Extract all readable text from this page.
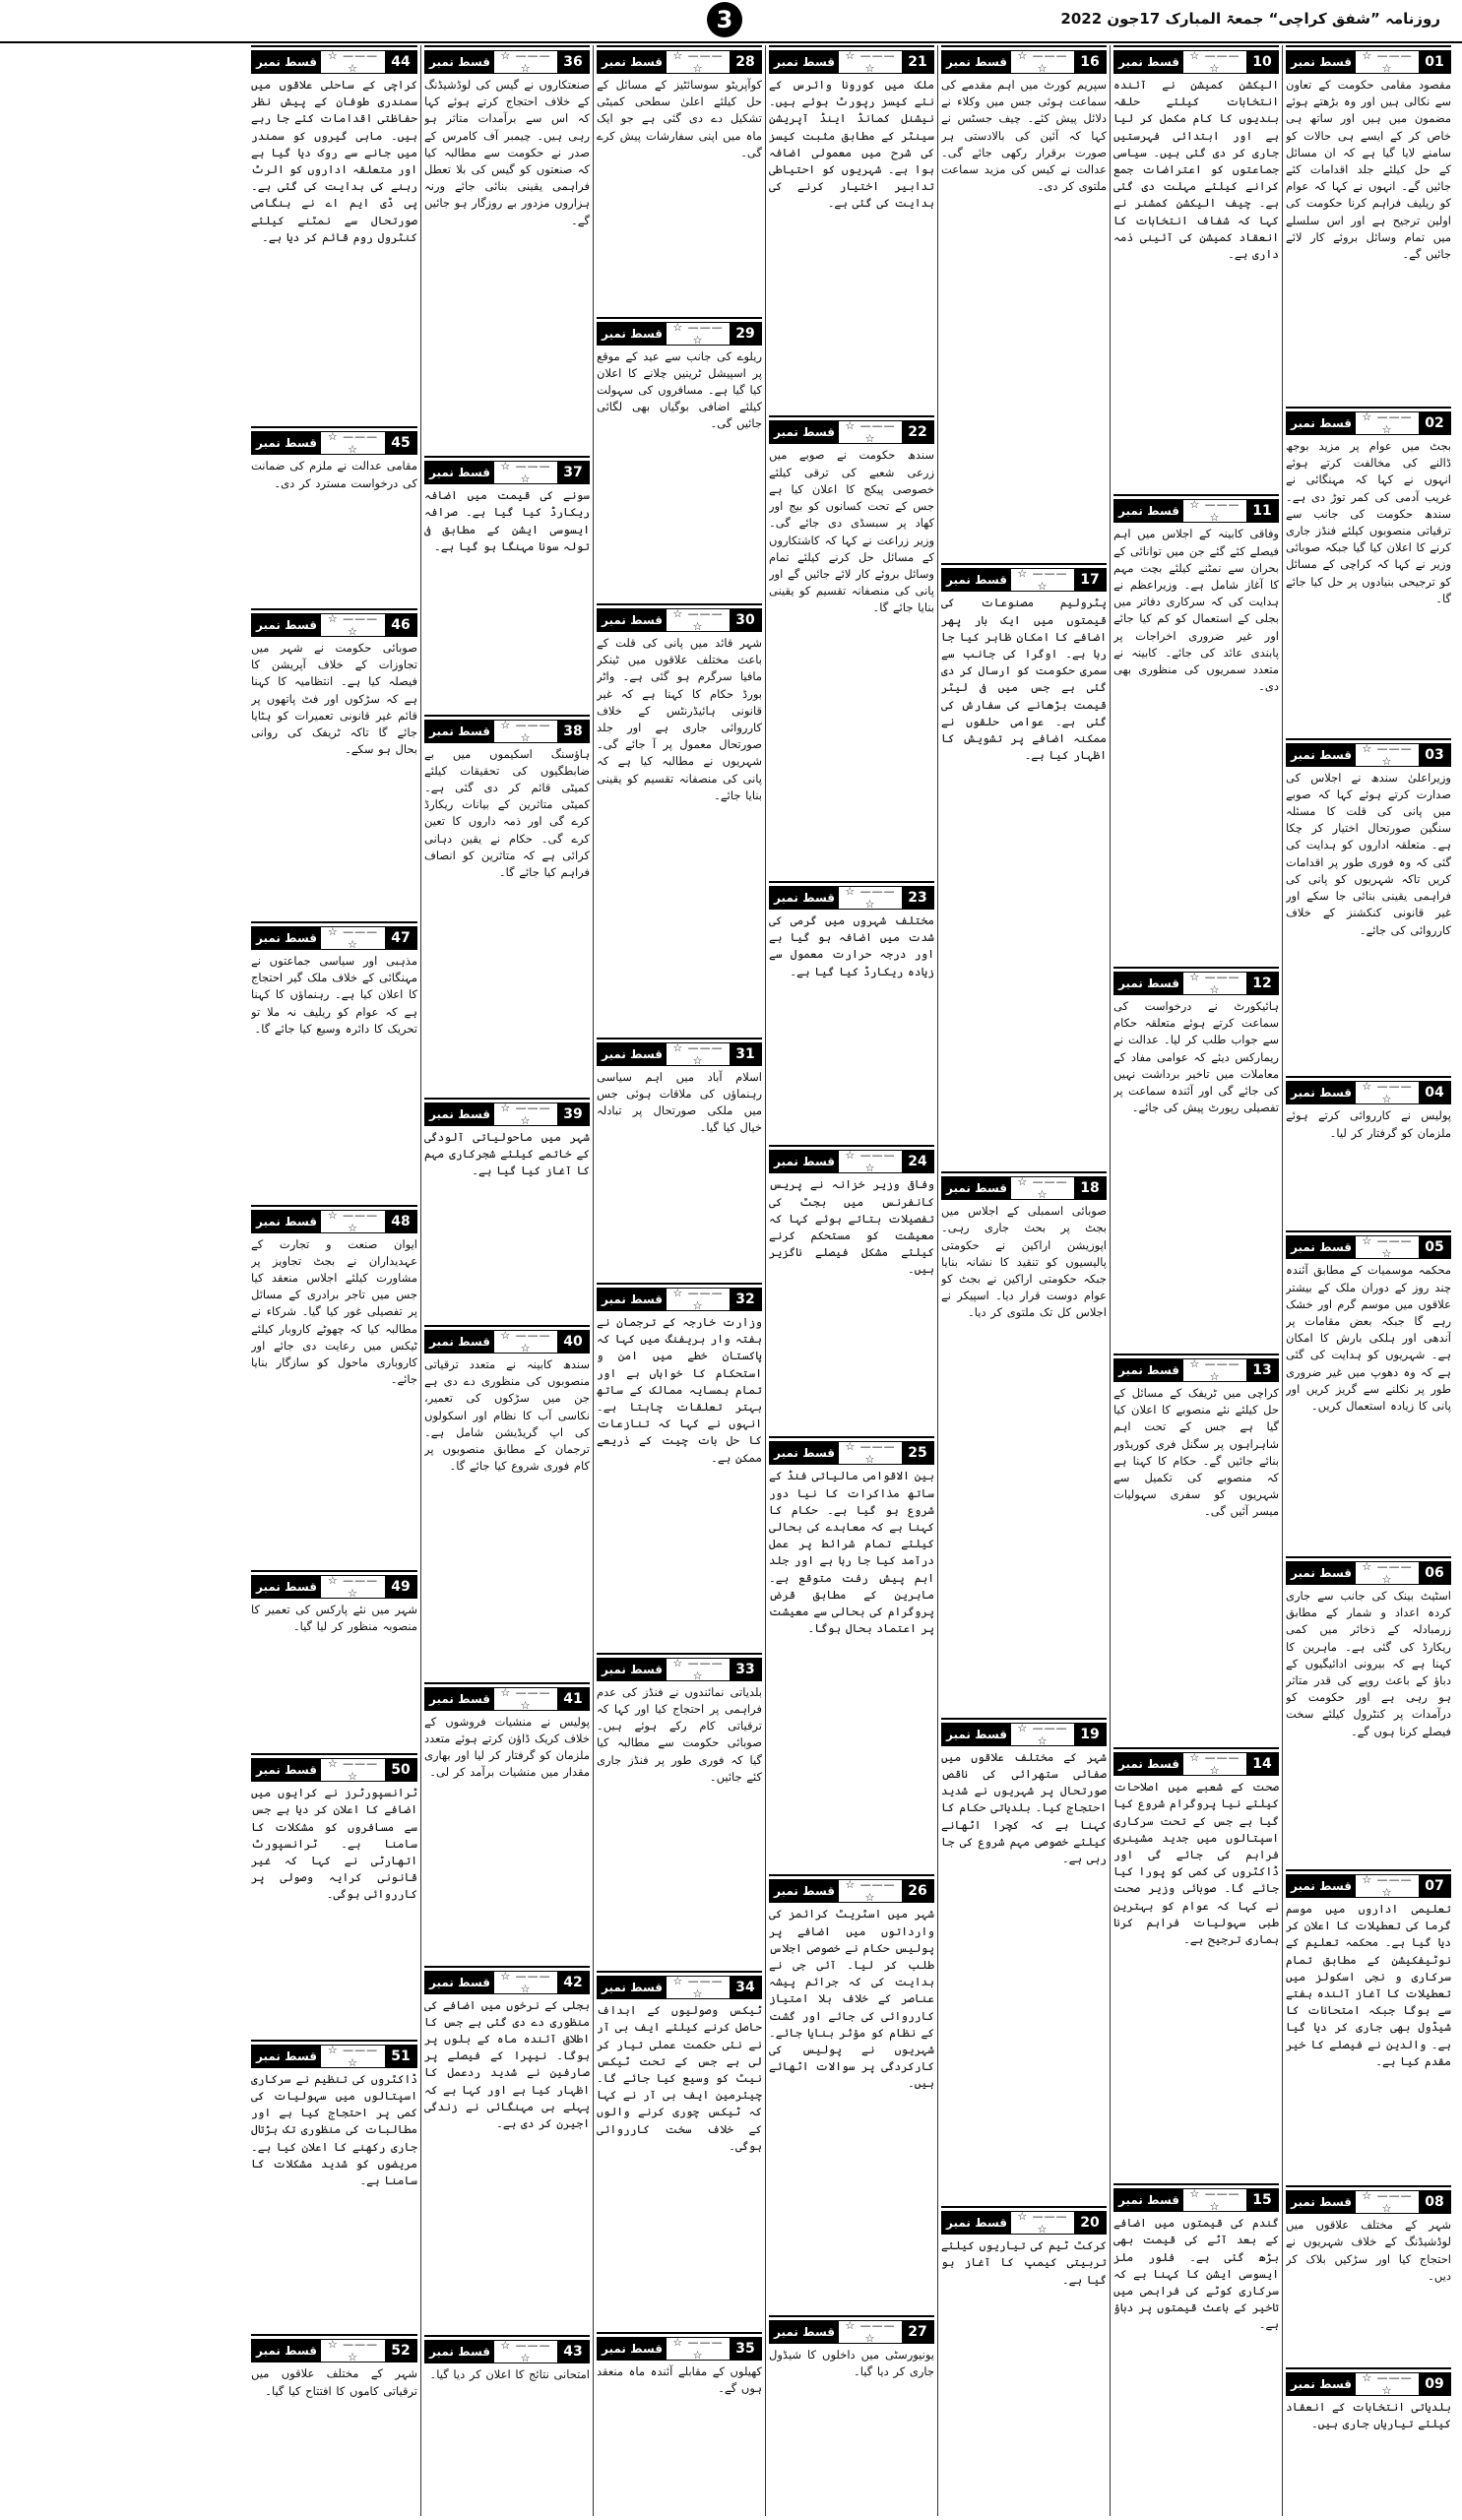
3	روزنامہ ”شفق کراچی“ جمعۃ المبارک 17جون 2022
01
☆ ——— ☆
قسط نمبر
مقصود مقامی حکومت کے تعاون سے نکالی ہیں اور وہ بڑھتے ہوئے مضمون میں ہیں اور ساتھ ہی خاص کر کے ایسے ہی حالات کو سامنے لایا گیا ہے کہ ان مسائل کے حل کیلئے جلد اقدامات کئے جائیں گے۔ انہوں نے کہا کہ عوام کو ریلیف فراہم کرنا حکومت کی اولین ترجیح ہے اور اس سلسلے میں تمام وسائل بروئے کار لائے جائیں گے۔
02
☆ ——— ☆
قسط نمبر
بجٹ میں عوام پر مزید بوجھ ڈالنے کی مخالفت کرتے ہوئے انہوں نے کہا کہ مہنگائی نے غریب آدمی کی کمر توڑ دی ہے۔ سندھ حکومت کی جانب سے ترقیاتی منصوبوں کیلئے فنڈز جاری کرنے کا اعلان کیا گیا جبکہ صوبائی وزیر نے کہا کہ کراچی کے مسائل کو ترجیحی بنیادوں پر حل کیا جائے گا۔
03
☆ ——— ☆
قسط نمبر
وزیراعلیٰ سندھ نے اجلاس کی صدارت کرتے ہوئے کہا کہ صوبے میں پانی کی قلت کا مسئلہ سنگین صورتحال اختیار کر چکا ہے۔ متعلقہ اداروں کو ہدایت کی گئی کہ وہ فوری طور پر اقدامات کریں تاکہ شہریوں کو پانی کی فراہمی یقینی بنائی جا سکے اور غیر قانونی کنکشنز کے خلاف کارروائی کی جائے۔
04
☆ ——— ☆
قسط نمبر
پولیس نے کارروائی کرتے ہوئے ملزمان کو گرفتار کر لیا۔
05
☆ ——— ☆
قسط نمبر
محکمہ موسمیات کے مطابق آئندہ چند روز کے دوران ملک کے بیشتر علاقوں میں موسم گرم اور خشک رہے گا جبکہ بعض مقامات پر آندھی اور ہلکی بارش کا امکان ہے۔ شہریوں کو ہدایت کی گئی ہے کہ وہ دھوپ میں غیر ضروری طور پر نکلنے سے گریز کریں اور پانی کا زیادہ استعمال کریں۔
06
☆ ——— ☆
قسط نمبر
اسٹیٹ بینک کی جانب سے جاری کردہ اعداد و شمار کے مطابق زرمبادلہ کے ذخائر میں کمی ریکارڈ کی گئی ہے۔ ماہرین کا کہنا ہے کہ بیرونی ادائیگیوں کے دباؤ کے باعث روپے کی قدر متاثر ہو رہی ہے اور حکومت کو درآمدات پر کنٹرول کیلئے سخت فیصلے کرنا ہوں گے۔
07
☆ ——— ☆
قسط نمبر
تعلیمی اداروں میں موسم گرما کی تعطیلات کا اعلان کر دیا گیا ہے۔ محکمہ تعلیم کے نوٹیفکیشن کے مطابق تمام سرکاری و نجی اسکولز میں تعطیلات کا آغاز آئندہ ہفتے سے ہوگا جبکہ امتحانات کا شیڈول بھی جاری کر دیا گیا ہے۔ والدین نے فیصلے کا خیر مقدم کیا ہے۔
08
☆ ——— ☆
قسط نمبر
شہر کے مختلف علاقوں میں لوڈشیڈنگ کے خلاف شہریوں نے احتجاج کیا اور سڑکیں بلاک کر دیں۔
09
☆ ——— ☆
قسط نمبر
بلدیاتی انتخابات کے انعقاد کیلئے تیاریاں جاری ہیں۔
10
☆ ——— ☆
قسط نمبر
الیکشن کمیشن نے آئندہ انتخابات کیلئے حلقہ بندیوں کا کام مکمل کر لیا ہے اور ابتدائی فہرستیں جاری کر دی گئی ہیں۔ سیاسی جماعتوں کو اعتراضات جمع کرانے کیلئے مہلت دی گئی ہے۔ چیف الیکشن کمشنر نے کہا کہ شفاف انتخابات کا انعقاد کمیشن کی آئینی ذمہ داری ہے۔
11
☆ ——— ☆
قسط نمبر
وفاقی کابینہ کے اجلاس میں اہم فیصلے کئے گئے جن میں توانائی کے بحران سے نمٹنے کیلئے بچت مہم کا آغاز شامل ہے۔ وزیراعظم نے ہدایت کی کہ سرکاری دفاتر میں بجلی کے استعمال کو کم کیا جائے اور غیر ضروری اخراجات پر پابندی عائد کی جائے۔ کابینہ نے متعدد سمریوں کی منظوری بھی دی۔
12
☆ ——— ☆
قسط نمبر
ہائیکورٹ نے درخواست کی سماعت کرتے ہوئے متعلقہ حکام سے جواب طلب کر لیا۔ عدالت نے ریمارکس دیئے کہ عوامی مفاد کے معاملات میں تاخیر برداشت نہیں کی جائے گی اور آئندہ سماعت پر تفصیلی رپورٹ پیش کی جائے۔
13
☆ ——— ☆
قسط نمبر
کراچی میں ٹریفک کے مسائل کے حل کیلئے نئے منصوبے کا اعلان کیا گیا ہے جس کے تحت اہم شاہراہوں پر سگنل فری کوریڈور بنائے جائیں گے۔ حکام کا کہنا ہے کہ منصوبے کی تکمیل سے شہریوں کو سفری سہولیات میسر آئیں گی۔
14
☆ ——— ☆
قسط نمبر
صحت کے شعبے میں اصلاحات کیلئے نیا پروگرام شروع کیا گیا ہے جس کے تحت سرکاری اسپتالوں میں جدید مشینری فراہم کی جائے گی اور ڈاکٹروں کی کمی کو پورا کیا جائے گا۔ صوبائی وزیر صحت نے کہا کہ عوام کو بہترین طبی سہولیات فراہم کرنا ہماری ترجیح ہے۔
15
☆ ——— ☆
قسط نمبر
گندم کی قیمتوں میں اضافے کے بعد آٹے کی قیمت بھی بڑھ گئی ہے۔ فلور ملز ایسوسی ایشن کا کہنا ہے کہ سرکاری کوٹے کی فراہمی میں تاخیر کے باعث قیمتوں پر دباؤ ہے۔
16
☆ ——— ☆
قسط نمبر
سپریم کورٹ میں اہم مقدمے کی سماعت ہوئی جس میں وکلاء نے دلائل پیش کئے۔ چیف جسٹس نے کہا کہ آئین کی بالادستی ہر صورت برقرار رکھی جائے گی۔ عدالت نے کیس کی مزید سماعت ملتوی کر دی۔
17
☆ ——— ☆
قسط نمبر
پٹرولیم مصنوعات کی قیمتوں میں ایک بار پھر اضافے کا امکان ظاہر کیا جا رہا ہے۔ اوگرا کی جانب سے سمری حکومت کو ارسال کر دی گئی ہے جس میں فی لیٹر قیمت بڑھانے کی سفارش کی گئی ہے۔ عوامی حلقوں نے ممکنہ اضافے پر تشویش کا اظہار کیا ہے۔
18
☆ ——— ☆
قسط نمبر
صوبائی اسمبلی کے اجلاس میں بجٹ پر بحث جاری رہی۔ اپوزیشن اراکین نے حکومتی پالیسیوں کو تنقید کا نشانہ بنایا جبکہ حکومتی اراکین نے بجٹ کو عوام دوست قرار دیا۔ اسپیکر نے اجلاس کل تک ملتوی کر دیا۔
19
☆ ——— ☆
قسط نمبر
شہر کے مختلف علاقوں میں صفائی ستھرائی کی ناقص صورتحال پر شہریوں نے شدید احتجاج کیا۔ بلدیاتی حکام کا کہنا ہے کہ کچرا اٹھانے کیلئے خصوصی مہم شروع کی جا رہی ہے۔
20
☆ ——— ☆
قسط نمبر
کرکٹ ٹیم کی تیاریوں کیلئے تربیتی کیمپ کا آغاز ہو گیا ہے۔
21
☆ ——— ☆
قسط نمبر
ملک میں کورونا وائرس کے نئے کیسز رپورٹ ہوئے ہیں۔ نیشنل کمانڈ اینڈ آپریشن سینٹر کے مطابق مثبت کیسز کی شرح میں معمولی اضافہ ہوا ہے۔ شہریوں کو احتیاطی تدابیر اختیار کرنے کی ہدایت کی گئی ہے۔
22
☆ ——— ☆
قسط نمبر
سندھ حکومت نے صوبے میں زرعی شعبے کی ترقی کیلئے خصوصی پیکج کا اعلان کیا ہے جس کے تحت کسانوں کو بیج اور کھاد پر سبسڈی دی جائے گی۔ وزیر زراعت نے کہا کہ کاشتکاروں کے مسائل حل کرنے کیلئے تمام وسائل بروئے کار لائے جائیں گے اور پانی کی منصفانہ تقسیم کو یقینی بنایا جائے گا۔
23
☆ ——— ☆
قسط نمبر
مختلف شہروں میں گرمی کی شدت میں اضافہ ہو گیا ہے اور درجہ حرارت معمول سے زیادہ ریکارڈ کیا گیا ہے۔
24
☆ ——— ☆
قسط نمبر
وفاقی وزیر خزانہ نے پریس کانفرنس میں بجٹ کی تفصیلات بتاتے ہوئے کہا کہ معیشت کو مستحکم کرنے کیلئے مشکل فیصلے ناگزیر ہیں۔
25
☆ ——— ☆
قسط نمبر
بین الاقوامی مالیاتی فنڈ کے ساتھ مذاکرات کا نیا دور شروع ہو گیا ہے۔ حکام کا کہنا ہے کہ معاہدے کی بحالی کیلئے تمام شرائط پر عمل درآمد کیا جا رہا ہے اور جلد اہم پیش رفت متوقع ہے۔ ماہرین کے مطابق قرض پروگرام کی بحالی سے معیشت پر اعتماد بحال ہوگا۔
26
☆ ——— ☆
قسط نمبر
شہر میں اسٹریٹ کرائمز کی وارداتوں میں اضافے پر پولیس حکام نے خصوصی اجلاس طلب کر لیا۔ آئی جی نے ہدایت کی کہ جرائم پیشہ عناصر کے خلاف بلا امتیاز کارروائی کی جائے اور گشت کے نظام کو مؤثر بنایا جائے۔ شہریوں نے پولیس کی کارکردگی پر سوالات اٹھائے ہیں۔
27
☆ ——— ☆
قسط نمبر
یونیورسٹی میں داخلوں کا شیڈول جاری کر دیا گیا۔
28
☆ ——— ☆
قسط نمبر
کوآپریٹو سوسائٹیز کے مسائل کے حل کیلئے اعلیٰ سطحی کمیٹی تشکیل دے دی گئی ہے جو ایک ماہ میں اپنی سفارشات پیش کرے گی۔
29
☆ ——— ☆
قسط نمبر
ریلوے کی جانب سے عید کے موقع پر اسپیشل ٹرینیں چلانے کا اعلان کیا گیا ہے۔ مسافروں کی سہولت کیلئے اضافی بوگیاں بھی لگائی جائیں گی۔
30
☆ ——— ☆
قسط نمبر
شہر قائد میں پانی کی قلت کے باعث مختلف علاقوں میں ٹینکر مافیا سرگرم ہو گئی ہے۔ واٹر بورڈ حکام کا کہنا ہے کہ غیر قانونی ہائیڈرنٹس کے خلاف کارروائی جاری ہے اور جلد صورتحال معمول پر آ جائے گی۔ شہریوں نے مطالبہ کیا ہے کہ پانی کی منصفانہ تقسیم کو یقینی بنایا جائے۔
31
☆ ——— ☆
قسط نمبر
اسلام آباد میں اہم سیاسی رہنماؤں کی ملاقات ہوئی جس میں ملکی صورتحال پر تبادلہ خیال کیا گیا۔
32
☆ ——— ☆
قسط نمبر
وزارت خارجہ کے ترجمان نے ہفتہ وار بریفنگ میں کہا کہ پاکستان خطے میں امن و استحکام کا خواہاں ہے اور تمام ہمسایہ ممالک کے ساتھ بہتر تعلقات چاہتا ہے۔ انہوں نے کہا کہ تنازعات کا حل بات چیت کے ذریعے ممکن ہے۔
33
☆ ——— ☆
قسط نمبر
بلدیاتی نمائندوں نے فنڈز کی عدم فراہمی پر احتجاج کیا اور کہا کہ ترقیاتی کام رکے ہوئے ہیں۔ صوبائی حکومت سے مطالبہ کیا گیا کہ فوری طور پر فنڈز جاری کئے جائیں۔
34
☆ ——— ☆
قسط نمبر
ٹیکس وصولیوں کے اہداف حاصل کرنے کیلئے ایف بی آر نے نئی حکمت عملی تیار کر لی ہے جس کے تحت ٹیکس نیٹ کو وسیع کیا جائے گا۔ چیئرمین ایف بی آر نے کہا کہ ٹیکس چوری کرنے والوں کے خلاف سخت کارروائی ہوگی۔
35
☆ ——— ☆
قسط نمبر
کھیلوں کے مقابلے آئندہ ماہ منعقد ہوں گے۔
36
☆ ——— ☆
قسط نمبر
صنعتکاروں نے گیس کی لوڈشیڈنگ کے خلاف احتجاج کرتے ہوئے کہا کہ اس سے برآمدات متاثر ہو رہی ہیں۔ چیمبر آف کامرس کے صدر نے حکومت سے مطالبہ کیا کہ صنعتوں کو گیس کی بلا تعطل فراہمی یقینی بنائی جائے ورنہ ہزاروں مزدور بے روزگار ہو جائیں گے۔
37
☆ ——— ☆
قسط نمبر
سونے کی قیمت میں اضافہ ریکارڈ کیا گیا ہے۔ صرافہ ایسوسی ایشن کے مطابق فی تولہ سونا مہنگا ہو گیا ہے۔
38
☆ ——— ☆
قسط نمبر
ہاؤسنگ اسکیموں میں بے ضابطگیوں کی تحقیقات کیلئے کمیٹی قائم کر دی گئی ہے۔ کمیٹی متاثرین کے بیانات ریکارڈ کرے گی اور ذمہ داروں کا تعین کرے گی۔ حکام نے یقین دہانی کرائی ہے کہ متاثرین کو انصاف فراہم کیا جائے گا۔
39
☆ ——— ☆
قسط نمبر
شہر میں ماحولیاتی آلودگی کے خاتمے کیلئے شجرکاری مہم کا آغاز کیا گیا ہے۔
40
☆ ——— ☆
قسط نمبر
سندھ کابینہ نے متعدد ترقیاتی منصوبوں کی منظوری دے دی ہے جن میں سڑکوں کی تعمیر، نکاسی آب کا نظام اور اسکولوں کی اپ گریڈیشن شامل ہے۔ ترجمان کے مطابق منصوبوں پر کام فوری شروع کیا جائے گا۔
41
☆ ——— ☆
قسط نمبر
پولیس نے منشیات فروشوں کے خلاف کریک ڈاؤن کرتے ہوئے متعدد ملزمان کو گرفتار کر لیا اور بھاری مقدار میں منشیات برآمد کر لی۔
42
☆ ——— ☆
قسط نمبر
بجلی کے نرخوں میں اضافے کی منظوری دے دی گئی ہے جس کا اطلاق آئندہ ماہ کے بلوں پر ہوگا۔ نیپرا کے فیصلے پر صارفین نے شدید ردعمل کا اظہار کیا ہے اور کہا ہے کہ پہلے ہی مہنگائی نے زندگی اجیرن کر دی ہے۔
43
☆ ——— ☆
قسط نمبر
امتحانی نتائج کا اعلان کر دیا گیا۔
44
☆ ——— ☆
قسط نمبر
کراچی کے ساحلی علاقوں میں سمندری طوفان کے پیش نظر حفاظتی اقدامات کئے جا رہے ہیں۔ ماہی گیروں کو سمندر میں جانے سے روک دیا گیا ہے اور متعلقہ اداروں کو الرٹ رہنے کی ہدایت کی گئی ہے۔ پی ڈی ایم اے نے ہنگامی صورتحال سے نمٹنے کیلئے کنٹرول روم قائم کر دیا ہے۔
45
☆ ——— ☆
قسط نمبر
مقامی عدالت نے ملزم کی ضمانت کی درخواست مسترد کر دی۔
46
☆ ——— ☆
قسط نمبر
صوبائی حکومت نے شہر میں تجاوزات کے خلاف آپریشن کا فیصلہ کیا ہے۔ انتظامیہ کا کہنا ہے کہ سڑکوں اور فٹ پاتھوں پر قائم غیر قانونی تعمیرات کو ہٹایا جائے گا تاکہ ٹریفک کی روانی بحال ہو سکے۔
47
☆ ——— ☆
قسط نمبر
مذہبی اور سیاسی جماعتوں نے مہنگائی کے خلاف ملک گیر احتجاج کا اعلان کیا ہے۔ رہنماؤں کا کہنا ہے کہ عوام کو ریلیف نہ ملا تو تحریک کا دائرہ وسیع کیا جائے گا۔
48
☆ ——— ☆
قسط نمبر
ایوان صنعت و تجارت کے عہدیداران نے بجٹ تجاویز پر مشاورت کیلئے اجلاس منعقد کیا جس میں تاجر برادری کے مسائل پر تفصیلی غور کیا گیا۔ شرکاء نے مطالبہ کیا کہ چھوٹے کاروبار کیلئے ٹیکس میں رعایت دی جائے اور کاروباری ماحول کو سازگار بنایا جائے۔
49
☆ ——— ☆
قسط نمبر
شہر میں نئے پارکس کی تعمیر کا منصوبہ منظور کر لیا گیا۔
50
☆ ——— ☆
قسط نمبر
ٹرانسپورٹرز نے کرایوں میں اضافے کا اعلان کر دیا ہے جس سے مسافروں کو مشکلات کا سامنا ہے۔ ٹرانسپورٹ اتھارٹی نے کہا کہ غیر قانونی کرایہ وصولی پر کارروائی ہوگی۔
51
☆ ——— ☆
قسط نمبر
ڈاکٹروں کی تنظیم نے سرکاری اسپتالوں میں سہولیات کی کمی پر احتجاج کیا ہے اور مطالبات کی منظوری تک ہڑتال جاری رکھنے کا اعلان کیا ہے۔ مریضوں کو شدید مشکلات کا سامنا ہے۔
52
☆ ——— ☆
قسط نمبر
شہر کے مختلف علاقوں میں ترقیاتی کاموں کا افتتاح کیا گیا۔
